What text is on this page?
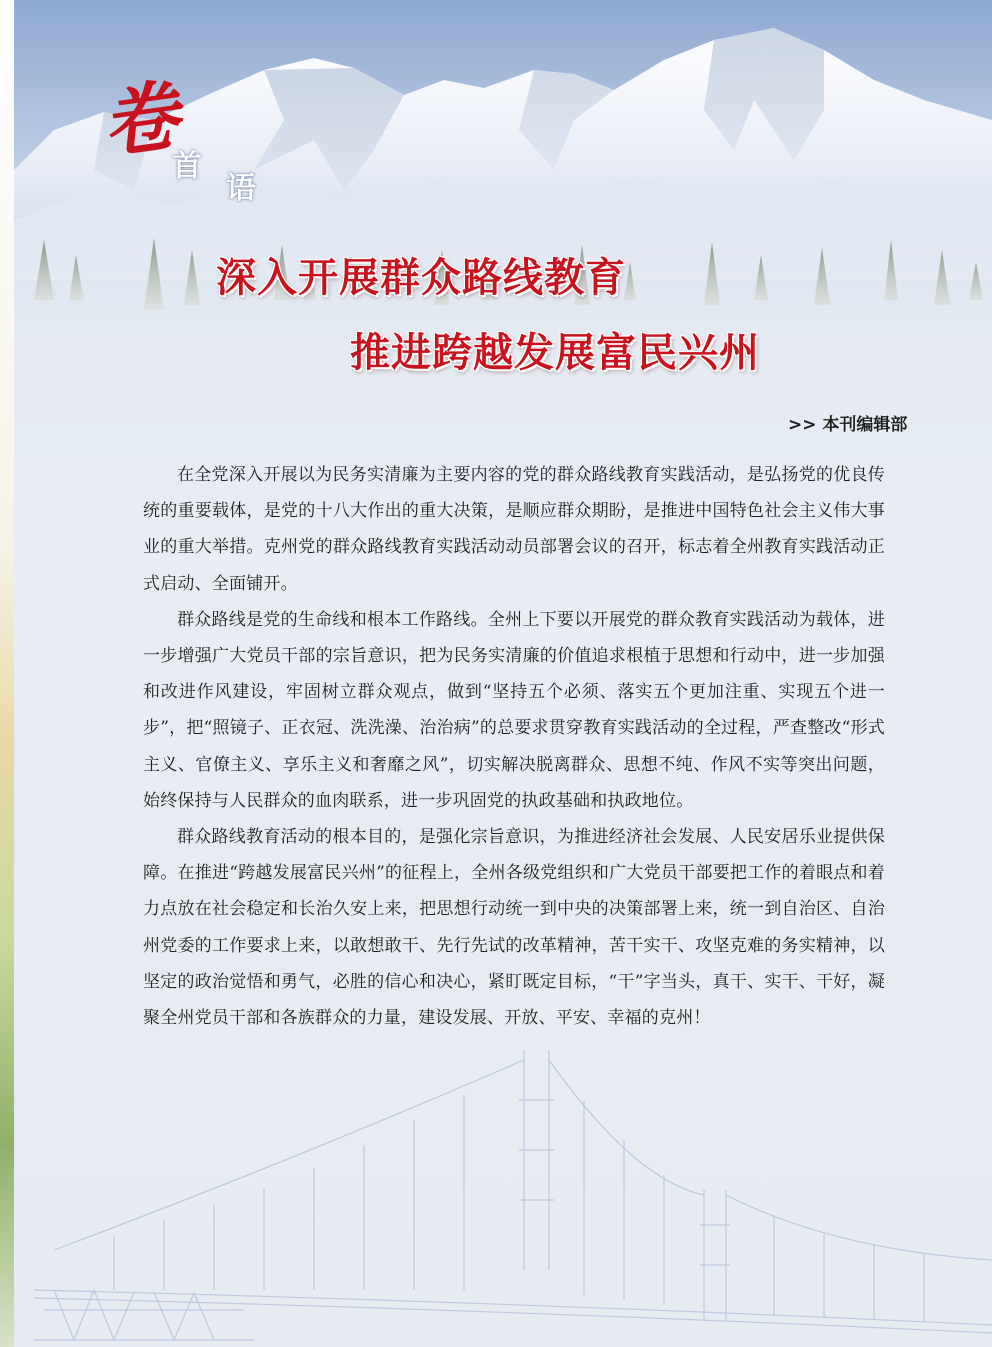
卷
首
语
深入开展群众路线教育
推进跨越发展富民兴州
>> 本刊编辑部

在全党深入开展以为民务实清廉为主要内容的党的群众路线教育实践活动，是弘扬党的优良传统的重要载体，是党的十八大作出的重大决策，是顺应群众期盼，是推进中国特色社会主义伟大事业的重大举措。克州党的群众路线教育实践活动动员部署会议的召开，标志着全州教育实践活动正式启动、全面铺开。

群众路线是党的生命线和根本工作路线。全州上下要以开展党的群众教育实践活动为载体，进一步增强广大党员干部的宗旨意识，把为民务实清廉的价值追求根植于思想和行动中，进一步加强和改进作风建设，牢固树立群众观点，做到“坚持五个必须、落实五个更加注重、实现五个进一步”，把“照镜子、正衣冠、洗洗澡、治治病”的总要求贯穿教育实践活动的全过程，严查整改“形式主义、官僚主义、享乐主义和奢靡之风”，切实解决脱离群众、思想不纯、作风不实等突出问题，始终保持与人民群众的血肉联系，进一步巩固党的执政基础和执政地位。

群众路线教育活动的根本目的，是强化宗旨意识，为推进经济社会发展、人民安居乐业提供保障。在推进“跨越发展富民兴州”的征程上，全州各级党组织和广大党员干部要把工作的着眼点和着力点放在社会稳定和长治久安上来，把思想行动统一到中央的决策部署上来，统一到自治区、自治州党委的工作要求上来，以敢想敢干、先行先试的改革精神，苦干实干、攻坚克难的务实精神，以坚定的政治觉悟和勇气，必胜的信心和决心，紧盯既定目标，“干”字当头，真干、实干、干好，凝聚全州党员干部和各族群众的力量，建设发展、开放、平安、幸福的克州！
